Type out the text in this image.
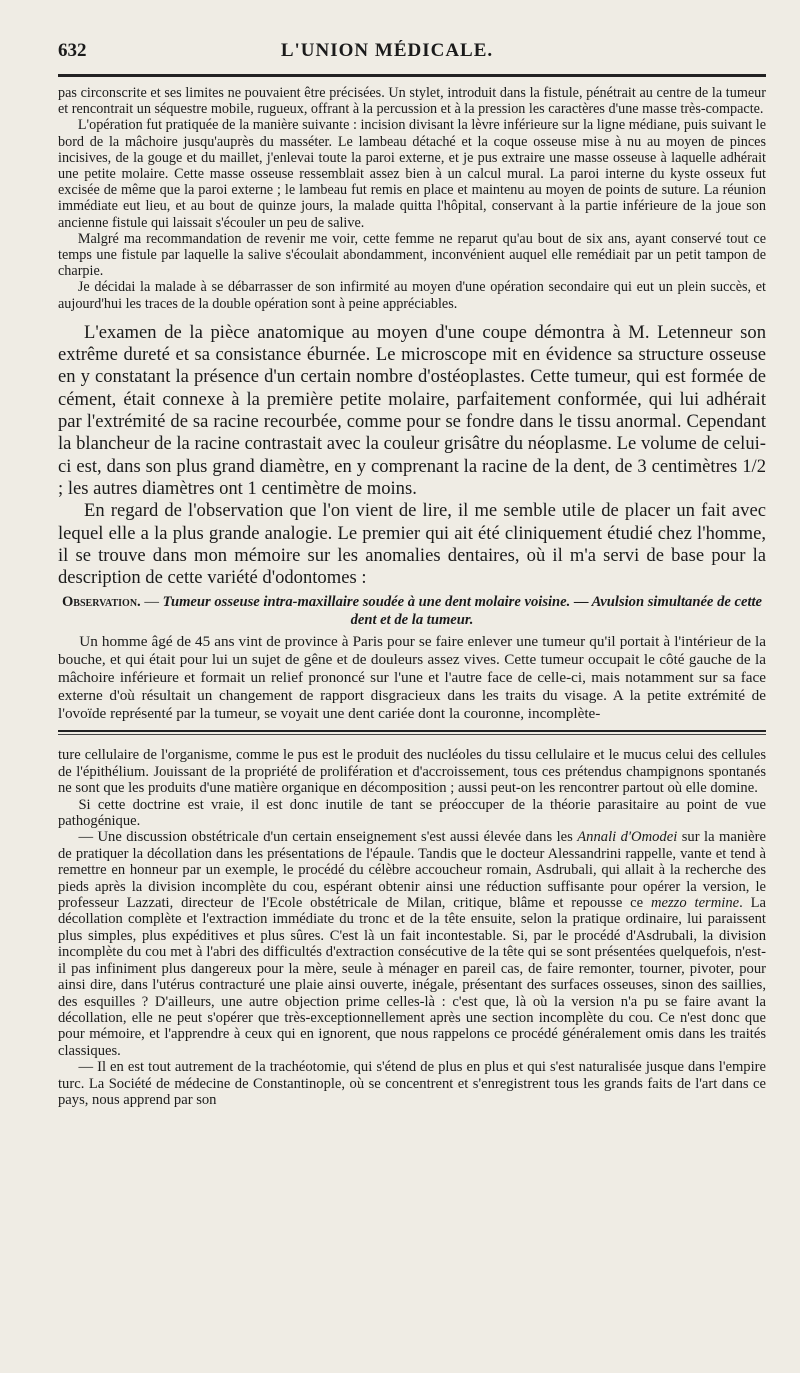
632	L'UNION MÉDICALE.

pas circonscrite et ses limites ne pouvaient être précisées. Un stylet, introduit dans la fistule, pénétrait au centre de la tumeur et rencontrait un séquestre mobile, rugueux, offrant à la percussion et à la pression les caractères d'une masse très-compacte.

L'opération fut pratiquée de la manière suivante : incision divisant la lèvre inférieure sur la ligne médiane, puis suivant le bord de la mâchoire jusqu'auprès du masséter. Le lambeau détaché et la coque osseuse mise à nu au moyen de pinces incisives, de la gouge et du maillet, j'enlevai toute la paroi externe, et je pus extraire une masse osseuse à laquelle adhérait une petite molaire. Cette masse osseuse ressemblait assez bien à un calcul mural. La paroi interne du kyste osseux fut excisée de même que la paroi externe ; le lambeau fut remis en place et maintenu au moyen de points de suture. La réunion immédiate eut lieu, et au bout de quinze jours, la malade quitta l'hôpital, conservant à la partie inférieure de la joue son ancienne fistule qui laissait s'écouler un peu de salive.

Malgré ma recommandation de revenir me voir, cette femme ne reparut qu'au bout de six ans, ayant conservé tout ce temps une fistule par laquelle la salive s'écoulait abondamment, inconvénient auquel elle remédiait par un petit tampon de charpie.

Je décidai la malade à se débarrasser de son infirmité au moyen d'une opération secondaire qui eut un plein succès, et aujourd'hui les traces de la double opération sont à peine appréciables.

L'examen de la pièce anatomique au moyen d'une coupe démontra à M. Letenneur son extrême dureté et sa consistance éburnée. Le microscope mit en évidence sa structure osseuse en y constatant la présence d'un certain nombre d'ostéoplastes. Cette tumeur, qui est formée de cément, était connexe à la première petite molaire, parfaitement conformée, qui lui adhérait par l'extrémité de sa racine recourbée, comme pour se fondre dans le tissu anormal. Cependant la blancheur de la racine contrastait avec la couleur grisâtre du néoplasme. Le volume de celui-ci est, dans son plus grand diamètre, en y comprenant la racine de la dent, de 3 centimètres 1/2 ; les autres diamètres ont 1 centimètre de moins.

En regard de l'observation que l'on vient de lire, il me semble utile de placer un fait avec lequel elle a la plus grande analogie. Le premier qui ait été cliniquement étudié chez l'homme, il se trouve dans mon mémoire sur les anomalies dentaires, où il m'a servi de base pour la description de cette variété d'odontomes :

Observation. — Tumeur osseuse intra-maxillaire soudée à une dent molaire voisine. — Avulsion simultanée de cette dent et de la tumeur.

Un homme âgé de 45 ans vint de province à Paris pour se faire enlever une tumeur qu'il portait à l'intérieur de la bouche, et qui était pour lui un sujet de gêne et de douleurs assez vives. Cette tumeur occupait le côté gauche de la mâchoire inférieure et formait un relief prononcé sur l'une et l'autre face de celle-ci, mais notamment sur sa face externe d'où résultait un changement de rapport disgracieux dans les traits du visage. A la petite extrémité de l'ovoïde représenté par la tumeur, se voyait une dent cariée dont la couronne, incomplète-

ture cellulaire de l'organisme, comme le pus est le produit des nucléoles du tissu cellulaire et le mucus celui des cellules de l'épithélium. Jouissant de la propriété de prolifération et d'accroissement, tous ces prétendus champignons spontanés ne sont que les produits d'une matière organique en décomposition ; aussi peut-on les rencontrer partout où elle domine.

Si cette doctrine est vraie, il est donc inutile de tant se préoccuper de la théorie parasitaire au point de vue pathogénique.

— Une discussion obstétricale d'un certain enseignement s'est aussi élevée dans les Annali d'Omodei sur la manière de pratiquer la décollation dans les présentations de l'épaule. Tandis que le docteur Alessandrini rappelle, vante et tend à remettre en honneur par un exemple, le procédé du célèbre accoucheur romain, Asdrubali, qui allait à la recherche des pieds après la division incomplète du cou, espérant obtenir ainsi une réduction suffisante pour opérer la version, le professeur Lazzati, directeur de l'Ecole obstétricale de Milan, critique, blâme et repousse ce mezzo termine. La décollation complète et l'extraction immédiate du tronc et de la tête ensuite, selon la pratique ordinaire, lui paraissent plus simples, plus expéditives et plus sûres. C'est là un fait incontestable. Si, par le procédé d'Asdrubali, la division incomplète du cou met à l'abri des difficultés d'extraction consécutive de la tête qui se sont présentées quelquefois, n'est-il pas infiniment plus dangereux pour la mère, seule à ménager en pareil cas, de faire remonter, tourner, pivoter, pour ainsi dire, dans l'utérus contracturé une plaie ainsi ouverte, inégale, présentant des surfaces osseuses, sinon des saillies, des esquilles ? D'ailleurs, une autre objection prime celles-là : c'est que, là où la version n'a pu se faire avant la décollation, elle ne peut s'opérer que très-exceptionnellement après une section incomplète du cou. Ce n'est donc que pour mémoire, et l'apprendre à ceux qui en ignorent, que nous rappelons ce procédé généralement omis dans les traités classiques.

— Il en est tout autrement de la trachéotomie, qui s'étend de plus en plus et qui s'est naturalisée jusque dans l'empire turc. La Société de médecine de Constantinople, où se concentrent et s'enregistrent tous les grands faits de l'art dans ce pays, nous apprend par son
